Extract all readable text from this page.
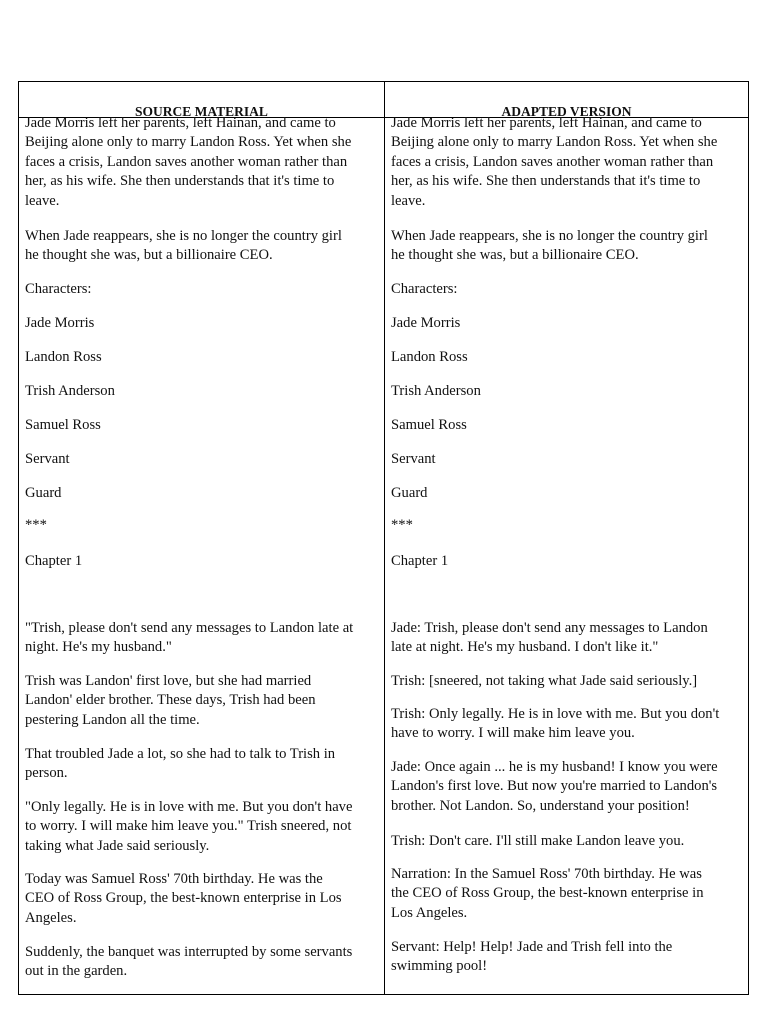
SOURCE MATERIAL	ADAPTED VERSION
Jade Morris left her parents, left Hainan, and came to
Beijing alone only to marry Landon Ross. Yet when she
faces a crisis, Landon saves another woman rather than
her, as his wife. She then understands that it's time to
leave.
When Jade reappears, she is no longer the country girl
he thought she was, but a billionaire CEO.
Characters:
Jade Morris
Landon Ross
Trish Anderson
Samuel Ross
Servant
Guard
***
Chapter 1
"Trish, please don't send any messages to Landon late at
night. He's my husband."
Trish was Landon' first love, but she had married
Landon' elder brother. These days, Trish had been
pestering Landon all the time.
That troubled Jade a lot, so she had to talk to Trish in
person.
"Only legally. He is in love with me. But you don't have
to worry. I will make him leave you." Trish sneered, not
taking what Jade said seriously.
Today was Samuel Ross' 70th birthday. He was the
CEO of Ross Group, the best-known enterprise in Los
Angeles.
Suddenly, the banquet was interrupted by some servants
out in the garden.
Jade Morris left her parents, left Hainan, and came to
Beijing alone only to marry Landon Ross. Yet when she
faces a crisis, Landon saves another woman rather than
her, as his wife. She then understands that it's time to
leave.
When Jade reappears, she is no longer the country girl
he thought she was, but a billionaire CEO.
Characters:
Jade Morris
Landon Ross
Trish Anderson
Samuel Ross
Servant
Guard
***
Chapter 1
Jade: Trish, please don't send any messages to Landon
late at night. He's my husband. I don't like it."
Trish: [sneered, not taking what Jade said seriously.]
Trish: Only legally. He is in love with me. But you don't
have to worry. I will make him leave you.
Jade: Once again ... he is my husband! I know you were
Landon's first love. But now you're married to Landon's
brother. Not Landon. So, understand your position!
Trish: Don't care. I'll still make Landon leave you.
Narration: In the Samuel Ross' 70th birthday. He was
the CEO of Ross Group, the best-known enterprise in
Los Angeles.
Servant: Help! Help! Jade and Trish fell into the
swimming pool!
